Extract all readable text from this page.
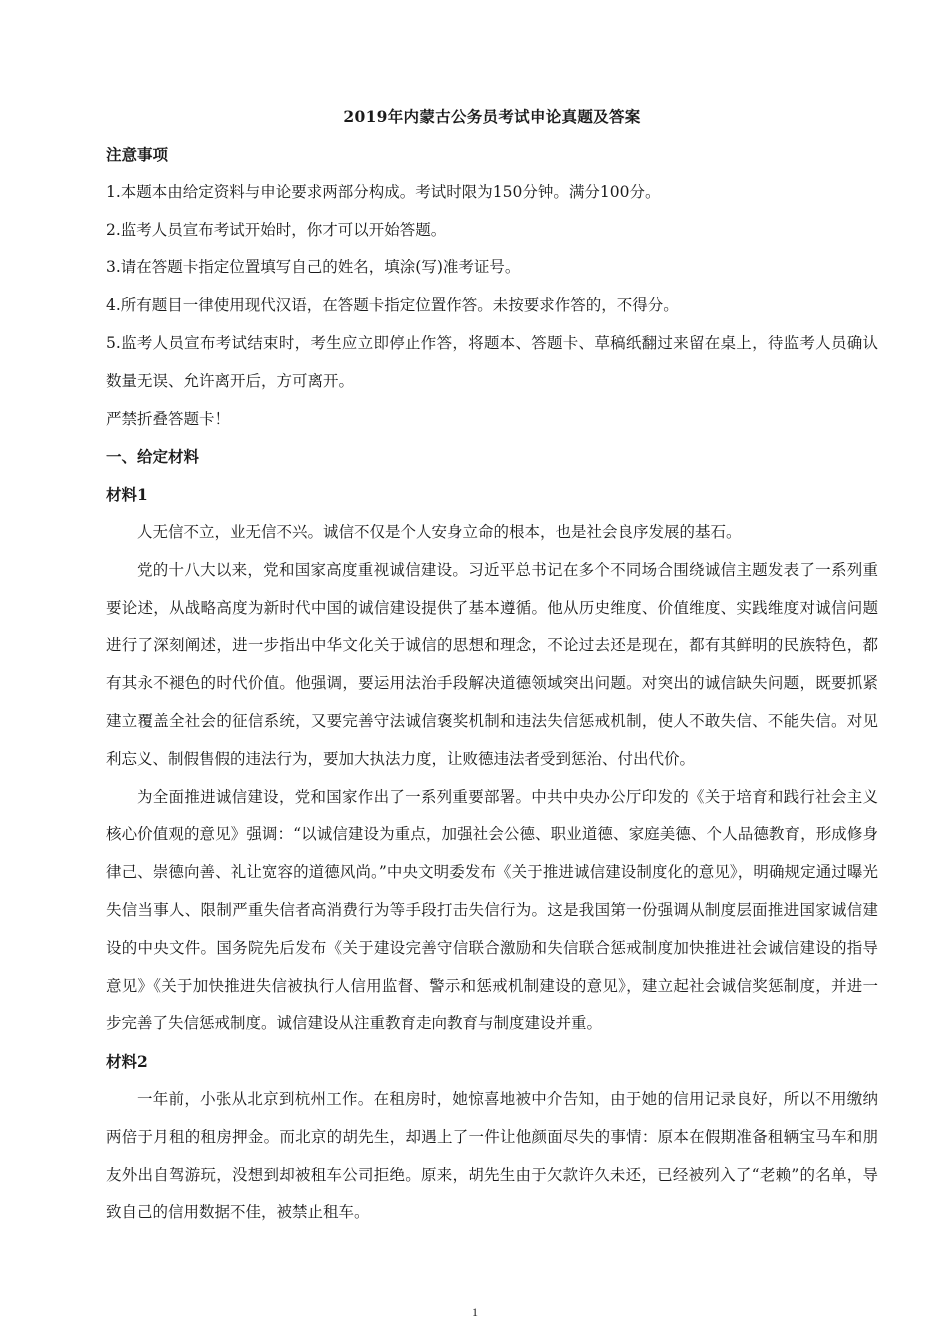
2019年内蒙古公务员考试申论真题及答案

注意事项

1.本题本由给定资料与申论要求两部分构成。考试时限为150分钟。满分100分。

2.监考人员宣布考试开始时，你才可以开始答题。

3.请在答题卡指定位置填写自己的姓名，填涂(写)准考证号。

4.所有题目一律使用现代汉语，在答题卡指定位置作答。未按要求作答的，不得分。

5.监考人员宣布考试结束时，考生应立即停止作答，将题本、答题卡、草稿纸翻过来留在桌上，待监考人员确认数量无误、允许离开后，方可离开。

严禁折叠答题卡！

一、给定材料

材料1

人无信不立，业无信不兴。诚信不仅是个人安身立命的根本，也是社会良序发展的基石。

党的十八大以来，党和国家高度重视诚信建设。习近平总书记在多个不同场合围绕诚信主题发表了一系列重要论述，从战略高度为新时代中国的诚信建设提供了基本遵循。他从历史维度、价值维度、实践维度对诚信问题进行了深刻阐述，进一步指出中华文化关于诚信的思想和理念，不论过去还是现在，都有其鲜明的民族特色，都有其永不褪色的时代价值。他强调，要运用法治手段解决道德领域突出问题。对突出的诚信缺失问题，既要抓紧建立覆盖全社会的征信系统，又要完善守法诚信褒奖机制和违法失信惩戒机制，使人不敢失信、不能失信。对见利忘义、制假售假的违法行为，要加大执法力度，让败德违法者受到惩治、付出代价。

为全面推进诚信建设，党和国家作出了一系列重要部署。中共中央办公厅印发的《关于培育和践行社会主义核心价值观的意见》强调：“以诚信建设为重点，加强社会公德、职业道德、家庭美德、个人品德教育，形成修身律己、崇德向善、礼让宽容的道德风尚。”中央文明委发布《关于推进诚信建设制度化的意见》，明确规定通过曝光失信当事人、限制严重失信者高消费行为等手段打击失信行为。这是我国第一份强调从制度层面推进国家诚信建设的中央文件。国务院先后发布《关于建设完善守信联合激励和失信联合惩戒制度加快推进社会诚信建设的指导意见》《关于加快推进失信被执行人信用监督、警示和惩戒机制建设的意见》，建立起社会诚信奖惩制度，并进一步完善了失信惩戒制度。诚信建设从注重教育走向教育与制度建设并重。

材料2

一年前，小张从北京到杭州工作。在租房时，她惊喜地被中介告知，由于她的信用记录良好，所以不用缴纳两倍于月租的租房押金。而北京的胡先生，却遇上了一件让他颜面尽失的事情：原本在假期准备租辆宝马车和朋友外出自驾游玩，没想到却被租车公司拒绝。原来，胡先生由于欠款许久未还，已经被列入了“老赖”的名单，导致自己的信用数据不佳，被禁止租车。

1
